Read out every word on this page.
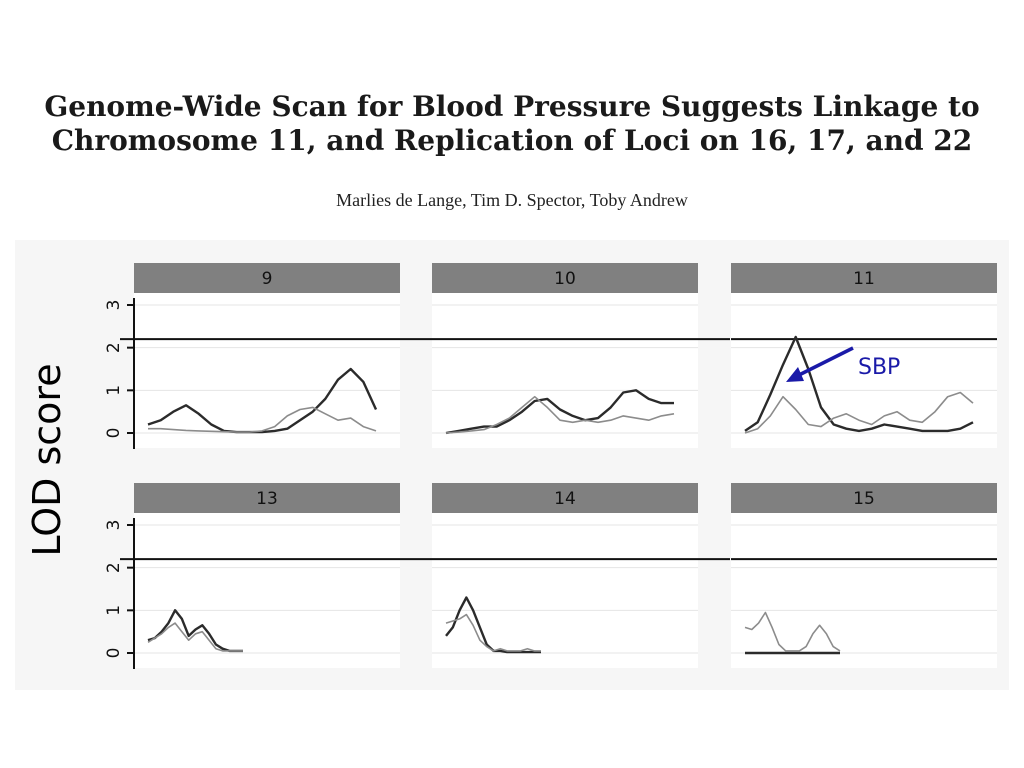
Genome-Wide Scan for Blood Pressure Suggests Linkage to
Chromosome 11, and Replication of Loci on 16, 17, and 22
Marlies de Lange, Tim D. Spector, Toby Andrew
LOD score
9
0
1
2
3
10	11
SBP
13
0
1
2
3
14	15
